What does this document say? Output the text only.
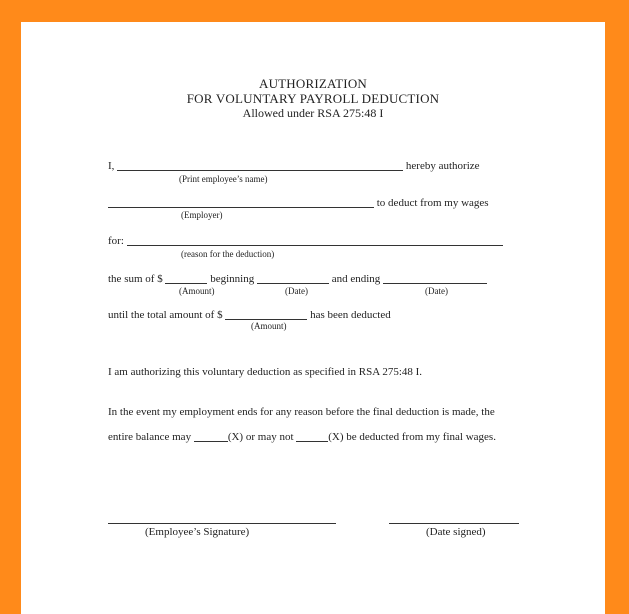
AUTHORIZATION
FOR VOLUNTARY PAYROLL DEDUCTION
Allowed under RSA 275:48 I
I,	hereby authorize
(Print employee’s name)
to deduct from my wages
(Employer)
for:
(reason for the deduction)
the sum of $	beginning	and ending
(Amount)	(Date)	(Date)
until the total amount of $	has been deducted
(Amount)
I am authorizing this voluntary deduction as specified in RSA 275:48 I.
In the event my employment ends for any reason before the final deduction is made, the
entire balance may	(X) or may not	(X) be deducted from my final wages.
(Employee’s Signature)	(Date signed)
